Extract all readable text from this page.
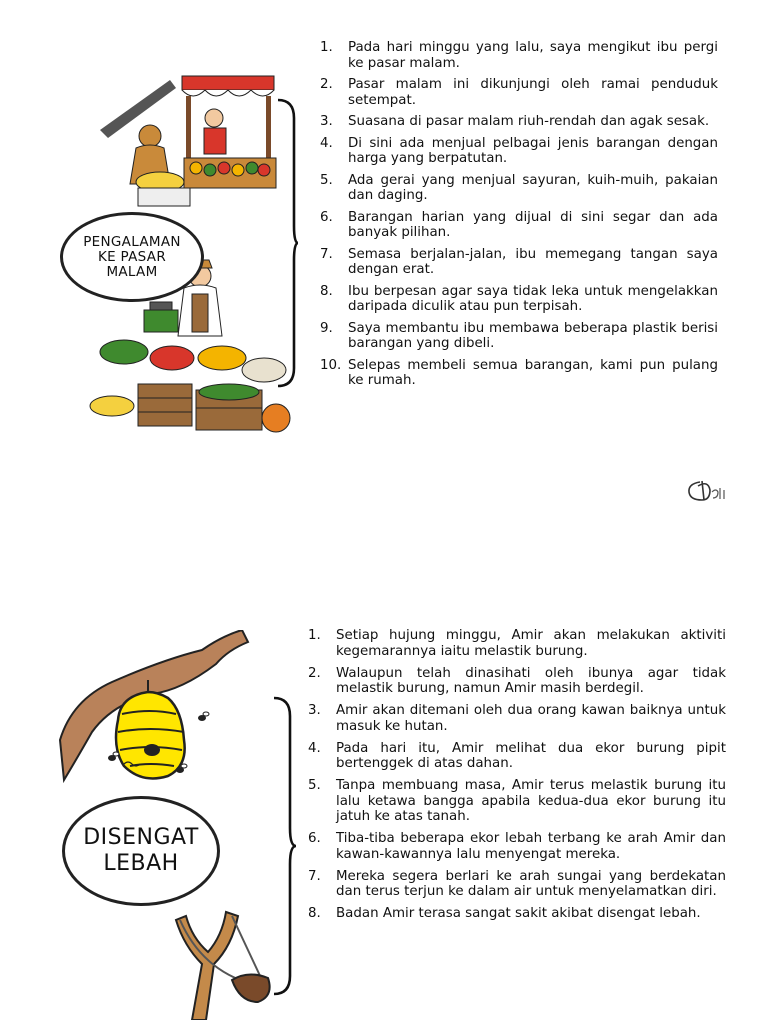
PENGALAMAN
KE PASAR
MALAM
1. Pada hari minggu yang lalu, saya mengikut ibu pergi ke pasar malam.
2. Pasar malam ini dikunjungi oleh ramai penduduk setempat.
3. Suasana di pasar malam riuh-rendah dan agak sesak.
4. Di sini ada menjual pelbagai jenis barangan dengan harga yang berpatutan.
5. Ada gerai yang menjual sayuran, kuih-muih, pakaian dan daging.
6. Barangan harian yang dijual di sini segar dan ada banyak pilihan.
7. Semasa berjalan-jalan, ibu memegang tangan saya dengan erat.
8. Ibu berpesan agar saya tidak leka untuk mengelakkan daripada diculik atau pun terpisah.
9. Saya membantu ibu membawa beberapa plastik berisi barangan yang dibeli.
10. Selepas membeli semua barangan, kami pun pulang ke rumah.
DISENGAT
LEBAH
1. Setiap hujung minggu, Amir akan melakukan aktiviti kegemarannya iaitu melastik burung.
2. Walaupun telah dinasihati oleh ibunya agar tidak melastik burung, namun Amir masih berdegil.
3. Amir akan ditemani oleh dua orang kawan baiknya untuk masuk ke hutan.
4. Pada hari itu, Amir melihat dua ekor burung pipit bertenggek di atas dahan.
5. Tanpa membuang masa, Amir terus melastik burung itu lalu ketawa bangga apabila kedua-dua ekor burung itu jatuh ke atas tanah.
6. Tiba-tiba beberapa ekor lebah terbang ke arah Amir dan kawan-kawannya lalu menyengat mereka.
7. Mereka segera berlari ke arah sungai yang berdekatan dan terus terjun ke dalam air untuk menyelamatkan diri.
8. Badan Amir terasa sangat sakit akibat disengat lebah.
